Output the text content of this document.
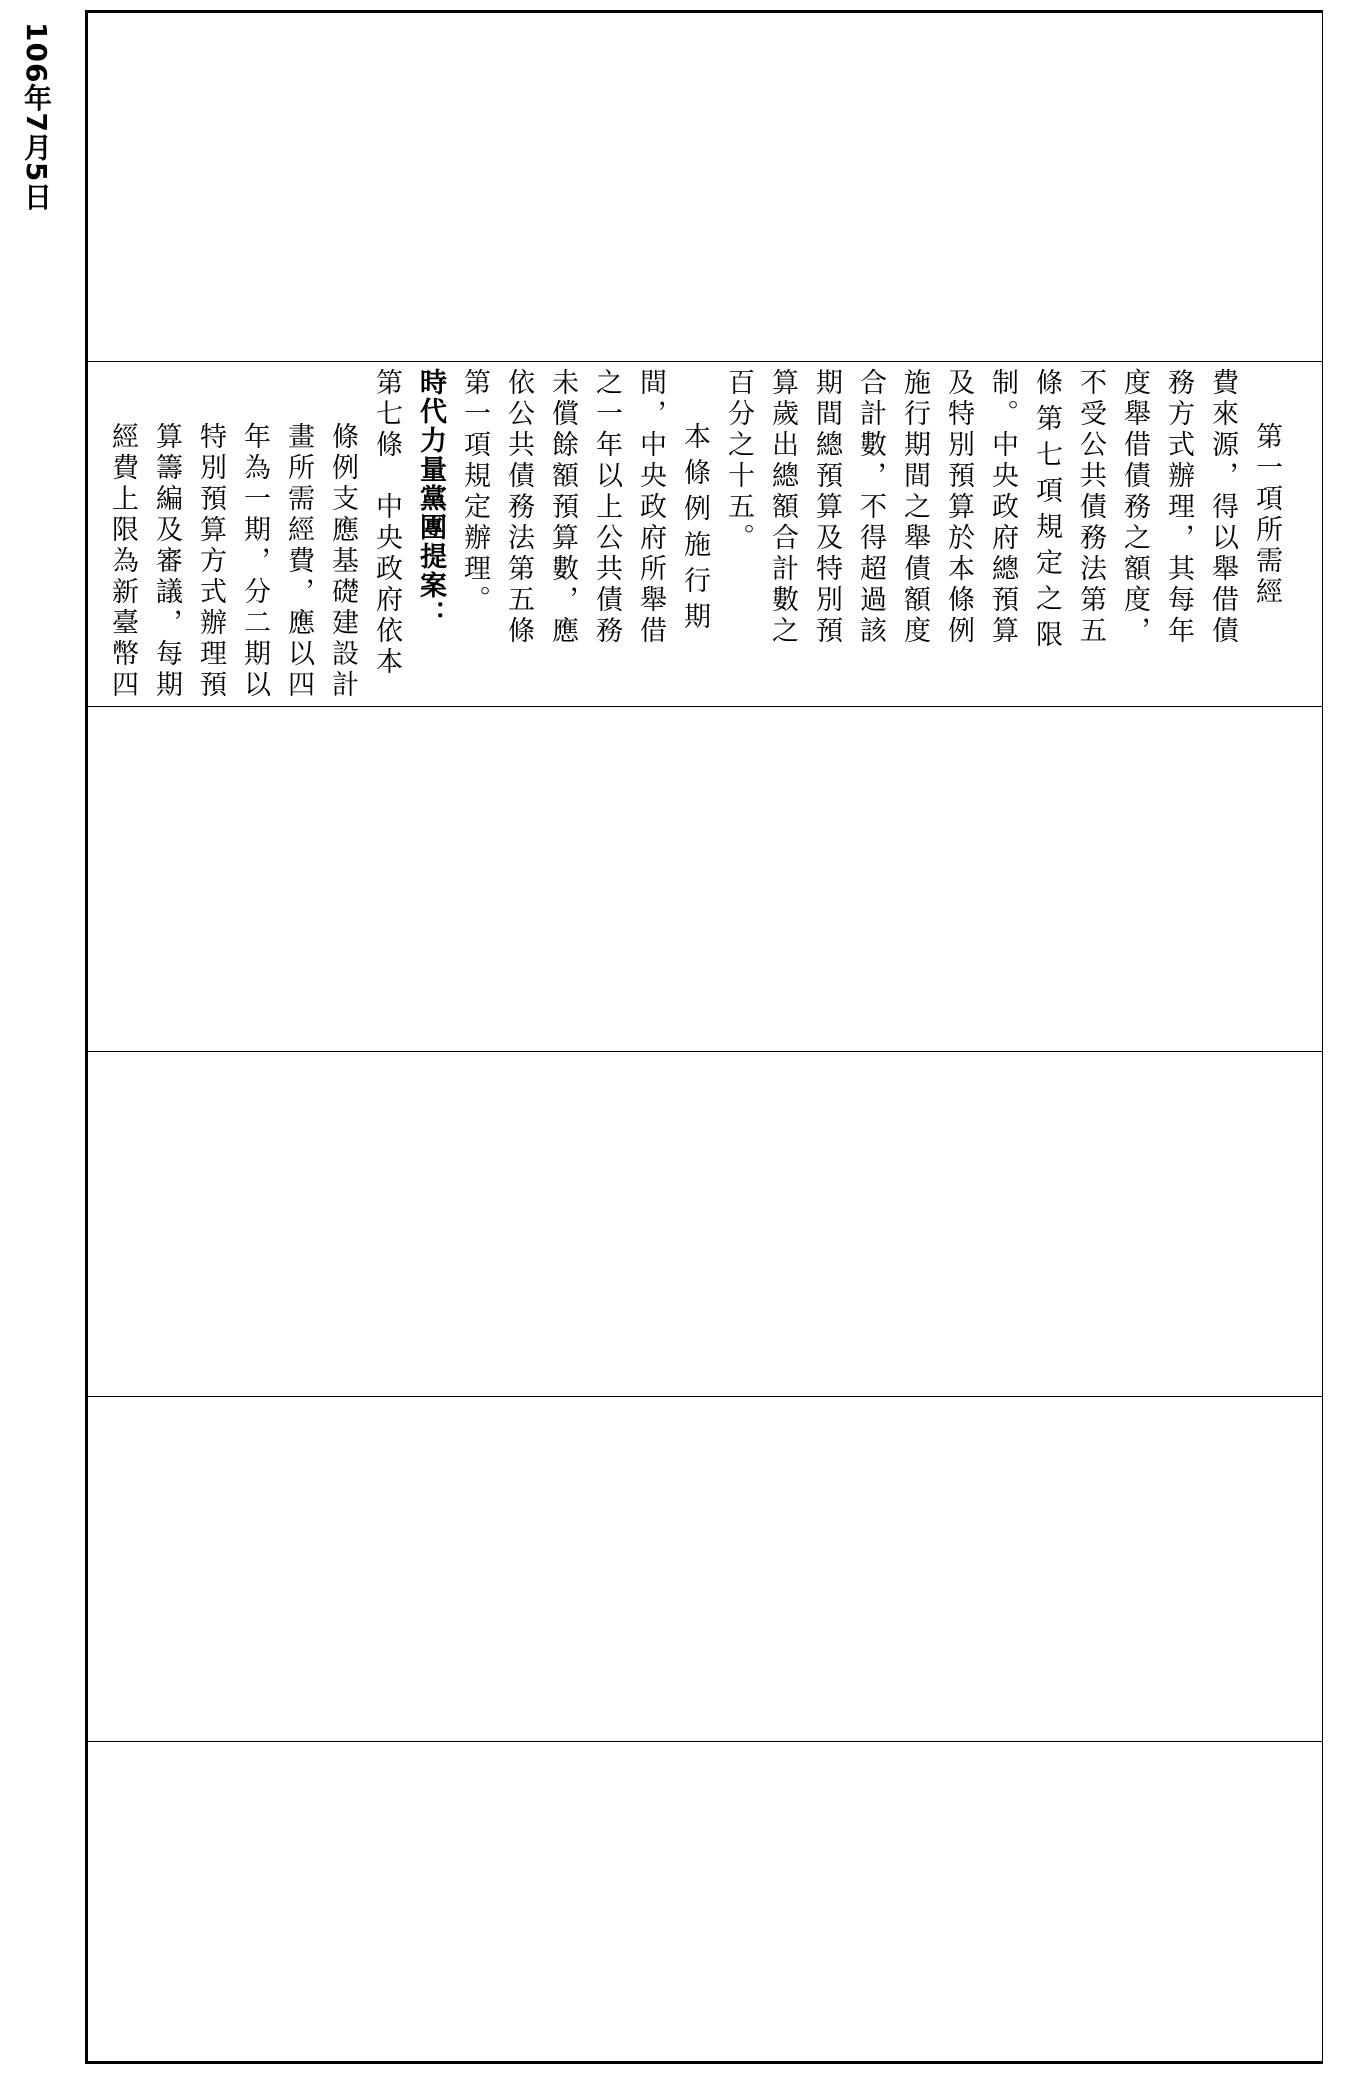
106年7月5日
第一項所需經
費來源，得以舉借債
務方式辦理，其每年
度舉借債務之額度，
不受公共債務法第五
條第七項規定之限
制。中央政府總預算
及特別預算於本條例
施行期間之舉債額度
合計數，不得超過該
期間總預算及特別預
算歲出總額合計數之
百分之十五。
本條例施行期
間，中央政府所舉借
之一年以上公共債務
未償餘額預算數，應
依公共債務法第五條
第一項規定辦理。
時代力量黨團提案：
第七條　中央政府依本
條例支應基礎建設計
畫所需經費，應以四
年為一期，分二期以
特別預算方式辦理預
算籌編及審議，每期
經費上限為新臺幣四
